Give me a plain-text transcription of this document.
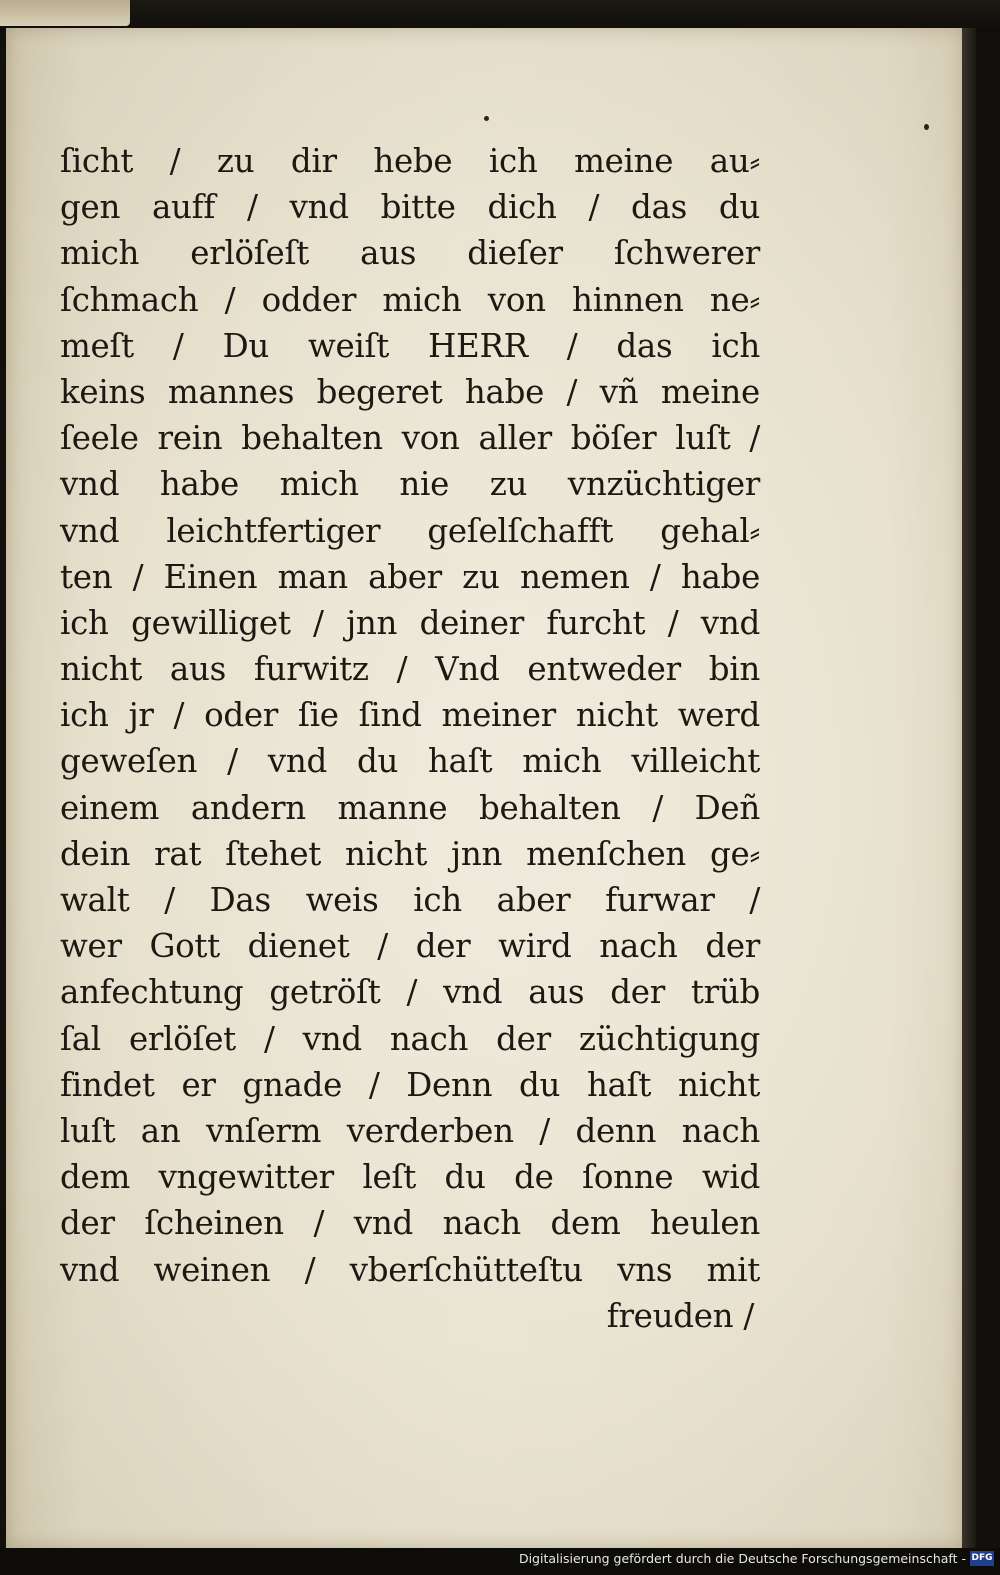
ſicht / zu dir hebe ich meine au⸗
gen auff / vnd bitte dich / das du
mich erlöſeſt aus dieſer ſchwerer
ſchmach / odder mich von hinnen ne⸗
meſt / Du weiſt HERR / das ich
keins mannes begeret habe / vñ meine
ſeele rein behalten von aller böſer luſt /
vnd habe mich nie zu vnzüchtiger
vnd leichtfertiger geſelſchafft gehal⸗
ten / Einen man aber zu nemen / habe
ich gewilliget / jnn deiner furcht / vnd
nicht aus furwitz / Vnd entweder bin
ich jr / oder ſie ſind meiner nicht werd
geweſen / vnd du haſt mich villeicht
einem andern manne behalten / Deñ
dein rat ſtehet nicht jnn menſchen ge⸗
walt / Das weis ich aber furwar /
wer Gott dienet / der wird nach der
anfechtung getröſt / vnd aus der trüb
ſal erlöſet / vnd nach der züchtigung
findet er gnade / Denn du haſt nicht
luſt an vnſerm verderben / denn nach
dem vngewitter leſt du de ſonne wid
der ſcheinen / vnd nach dem heulen
vnd weinen / vberſchütteſtu vns mit
freuden /
Digitalisierung gefördert durch die Deutsche Forschungsgemeinschaft - DFG
